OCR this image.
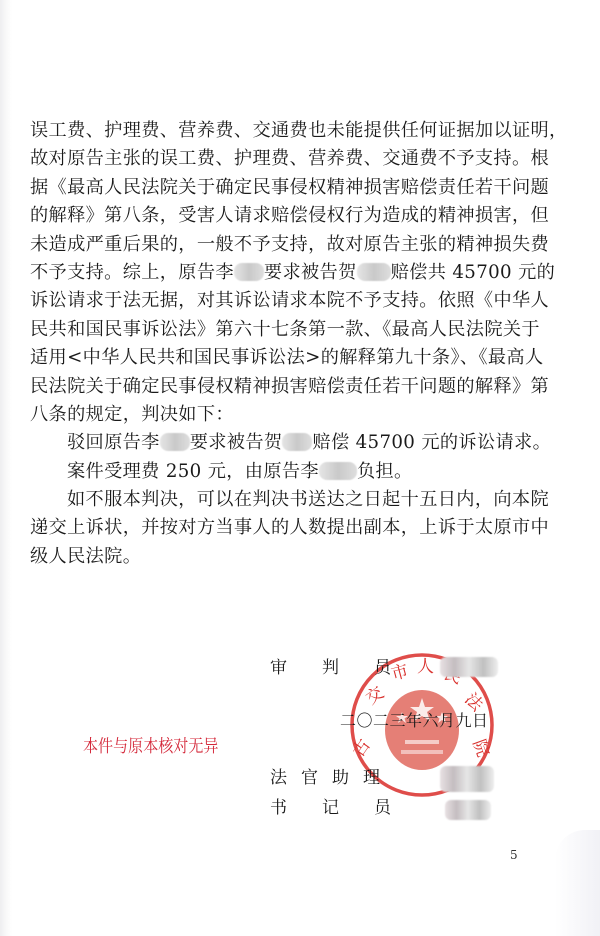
误工费、护理费、营养费、交通费也未能提供任何证据加以证明，
故对原告主张的误工费、护理费、营养费、交通费不予支持。根
据《最高人民法院关于确定民事侵权精神损害赔偿责任若干问题
的解释》第八条，受害人请求赔偿侵权行为造成的精神损害，但
未造成严重后果的，一般不予支持，故对原告主张的精神损失费
不予支持。综上，原告李 要求被告贺 赔偿共 45700 元的
诉讼请求于法无据，对其诉讼请求本院不予支持。依照《中华人
民共和国民事诉讼法》第六十七条第一款、《最高人民法院关于
适用<中华人民共和国民事诉讼法>的解释第九十条》、《最高人
民法院关于确定民事侵权精神损害赔偿责任若干问题的解释》第
八条的规定，判决如下：
驳回原告李 要求被告贺 赔偿 45700 元的诉讼请求。
案件受理费 250 元，由原告李 负担。
如不服本判决，可以在判决书送达之日起十五日内，向本院
递交上诉状，并按对方当事人的人数提出副本，上诉于太原市中
级人民法院。
古
交
市 人
法
院
审 判 员
二〇二三年六月九日
法 官 助 理
书 记 员
本件与原本核对无异
5
